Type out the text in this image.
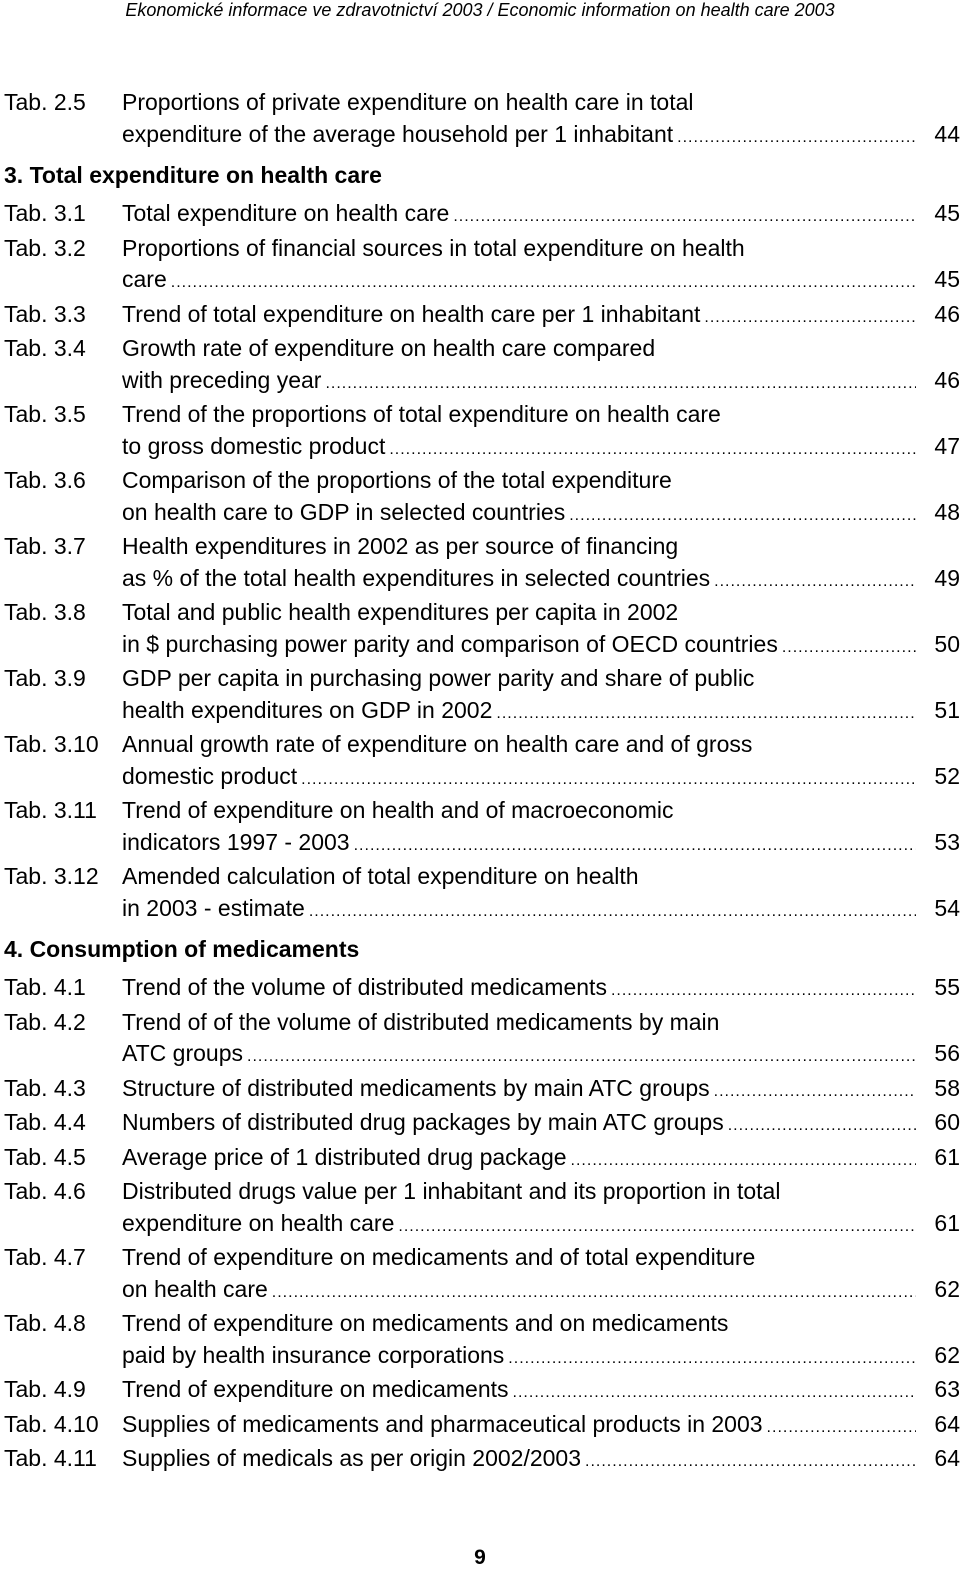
Ekonomické informace ve zdravotnictví 2003 / Economic information on health care 2003
Tab. 2.5 Proportions of private expenditure on health care in total
expenditure of the average household per 1 inhabitant .....	44
3. Total expenditure on health care
Tab. 3.1 Total expenditure on health care .....	45
Tab. 3.2 Proportions of financial sources in total expenditure on health
care .....	45
Tab. 3.3 Trend of total expenditure on health care per 1 inhabitant .....	46
Tab. 3.4 Growth rate of expenditure on health care compared
with preceding year .....	46
Tab. 3.5 Trend of the proportions of total expenditure on health care
to gross domestic product .....	47
Tab. 3.6 Comparison of the proportions of the total expenditure
on health care to GDP in selected countries .....	48
Tab. 3.7 Health expenditures in 2002 as per source of financing
as % of the total health expenditures in selected countries .....	49
Tab. 3.8 Total and public health expenditures per capita in 2002
in $ purchasing power parity and comparison of OECD countries .....	50
Tab. 3.9 GDP per capita in purchasing power parity and share of public
health expenditures on GDP in 2002 .....	51
Tab. 3.10 Annual growth rate of expenditure on health care and of gross
domestic product .....	52
Tab. 3.11 Trend of expenditure on health and of macroeconomic
indicators 1997 - 2003 .....	53
Tab. 3.12 Amended calculation of total expenditure on health
in 2003 - estimate .....	54
4. Consumption of medicaments
Tab. 4.1 Trend of the volume of distributed medicaments .....	55
Tab. 4.2 Trend of of the volume of distributed medicaments by main
ATC groups .....	56
Tab. 4.3 Structure of distributed medicaments by main ATC groups .....	58
Tab. 4.4 Numbers of distributed drug packages by main ATC groups .....	60
Tab. 4.5 Average price of 1 distributed drug package .....	61
Tab. 4.6 Distributed drugs value per 1 inhabitant and its proportion in total
expenditure on health care .....	61
Tab. 4.7 Trend of expenditure on medicaments and of total expenditure
on health care .....	62
Tab. 4.8 Trend of expenditure on medicaments and on medicaments
paid by health insurance corporations .....	62
Tab. 4.9 Trend of expenditure on medicaments .....	63
Tab. 4.10 Supplies of medicaments and pharmaceutical products in 2003 .....	64
Tab. 4.11 Supplies of medicals as per origin 2002/2003 .....	64
9
